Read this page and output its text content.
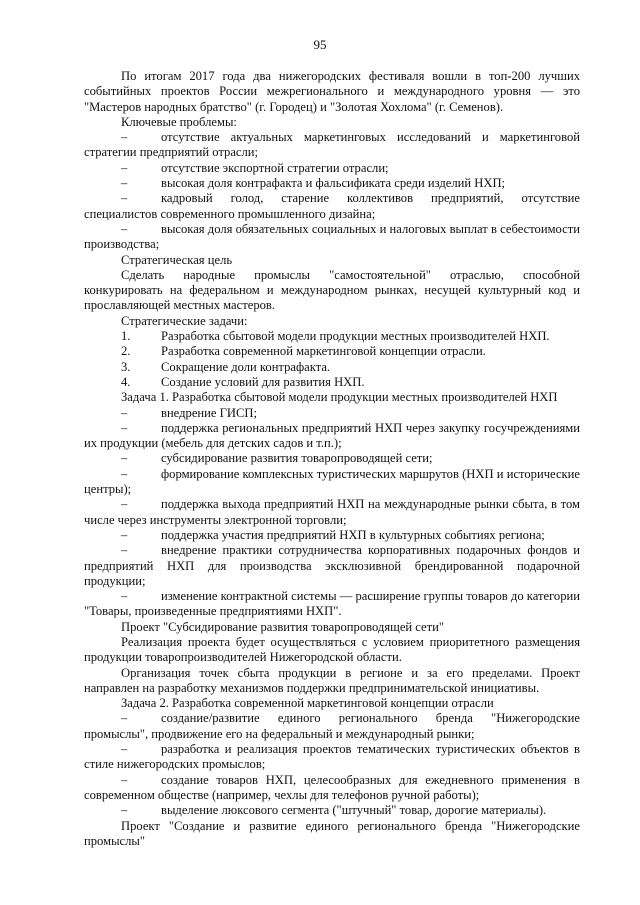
95

По итогам 2017 года два нижегородских фестиваля вошли в топ-200 лучших событийных проектов России межрегионального и международного уровня — это "Мастеров народных братство" (г. Городец) и "Золотая Хохлома" (г. Семенов).

Ключевые проблемы:

–	отсутствие актуальных маркетинговых исследований и маркетинговой стратегии предприятий отрасли;
–	отсутствие экспортной стратегии отрасли;
–	высокая доля контрафакта и фальсификата среди изделий НХП;
–	кадровый голод, старение коллективов предприятий, отсутствие специалистов современного промышленного дизайна;
–	высокая доля обязательных социальных и налоговых выплат в себестоимости производства;

Стратегическая цель

Сделать народные промыслы "самостоятельной" отраслью, способной конкурировать на федеральном и международном рынках, несущей культурный код и прославляющей местных мастеров.

Стратегические задачи:

1.	Разработка сбытовой модели продукции местных производителей НХП.
2.	Разработка современной маркетинговой концепции отрасли.
3.	Сокращение доли контрафакта.
4.	Создание условий для развития НХП.

Задача 1. Разработка сбытовой модели продукции местных производителей НХП

–	внедрение ГИСП;
–	поддержка региональных предприятий НХП через закупку госучреждениями их продукции (мебель для детских садов и т.п.);
–	субсидирование развития товаропроводящей сети;
–	формирование комплексных туристических маршрутов (НХП и исторические центры);
–	поддержка выхода предприятий НХП на международные рынки сбыта, в том числе через инструменты электронной торговли;
–	поддержка участия предприятий НХП в культурных событиях региона;
–	внедрение практики сотрудничества корпоративных подарочных фондов и предприятий НХП для производства эксклюзивной брендированной подарочной продукции;
–	изменение контрактной системы — расширение группы товаров до категории "Товары, произведенные предприятиями НХП".

Проект "Субсидирование развития товаропроводящей сети"

Реализация проекта будет осуществляться с условием приоритетного размещения продукции товаропроизводителей Нижегородской области.

Организация точек сбыта продукции в регионе и за его пределами. Проект направлен на разработку механизмов поддержки предпринимательской инициативы.

Задача 2. Разработка современной маркетинговой концепции отрасли

–	создание/развитие единого регионального бренда "Нижегородские промыслы", продвижение его на федеральный и международный рынки;
–	разработка и реализация проектов тематических туристических объектов в стиле нижегородских промыслов;
–	создание товаров НХП, целесообразных для ежедневного применения в современном обществе (например, чехлы для телефонов ручной работы);
–	выделение люксового сегмента ("штучный" товар, дорогие материалы).

Проект "Создание и развитие единого регионального бренда "Нижегородские промыслы"
